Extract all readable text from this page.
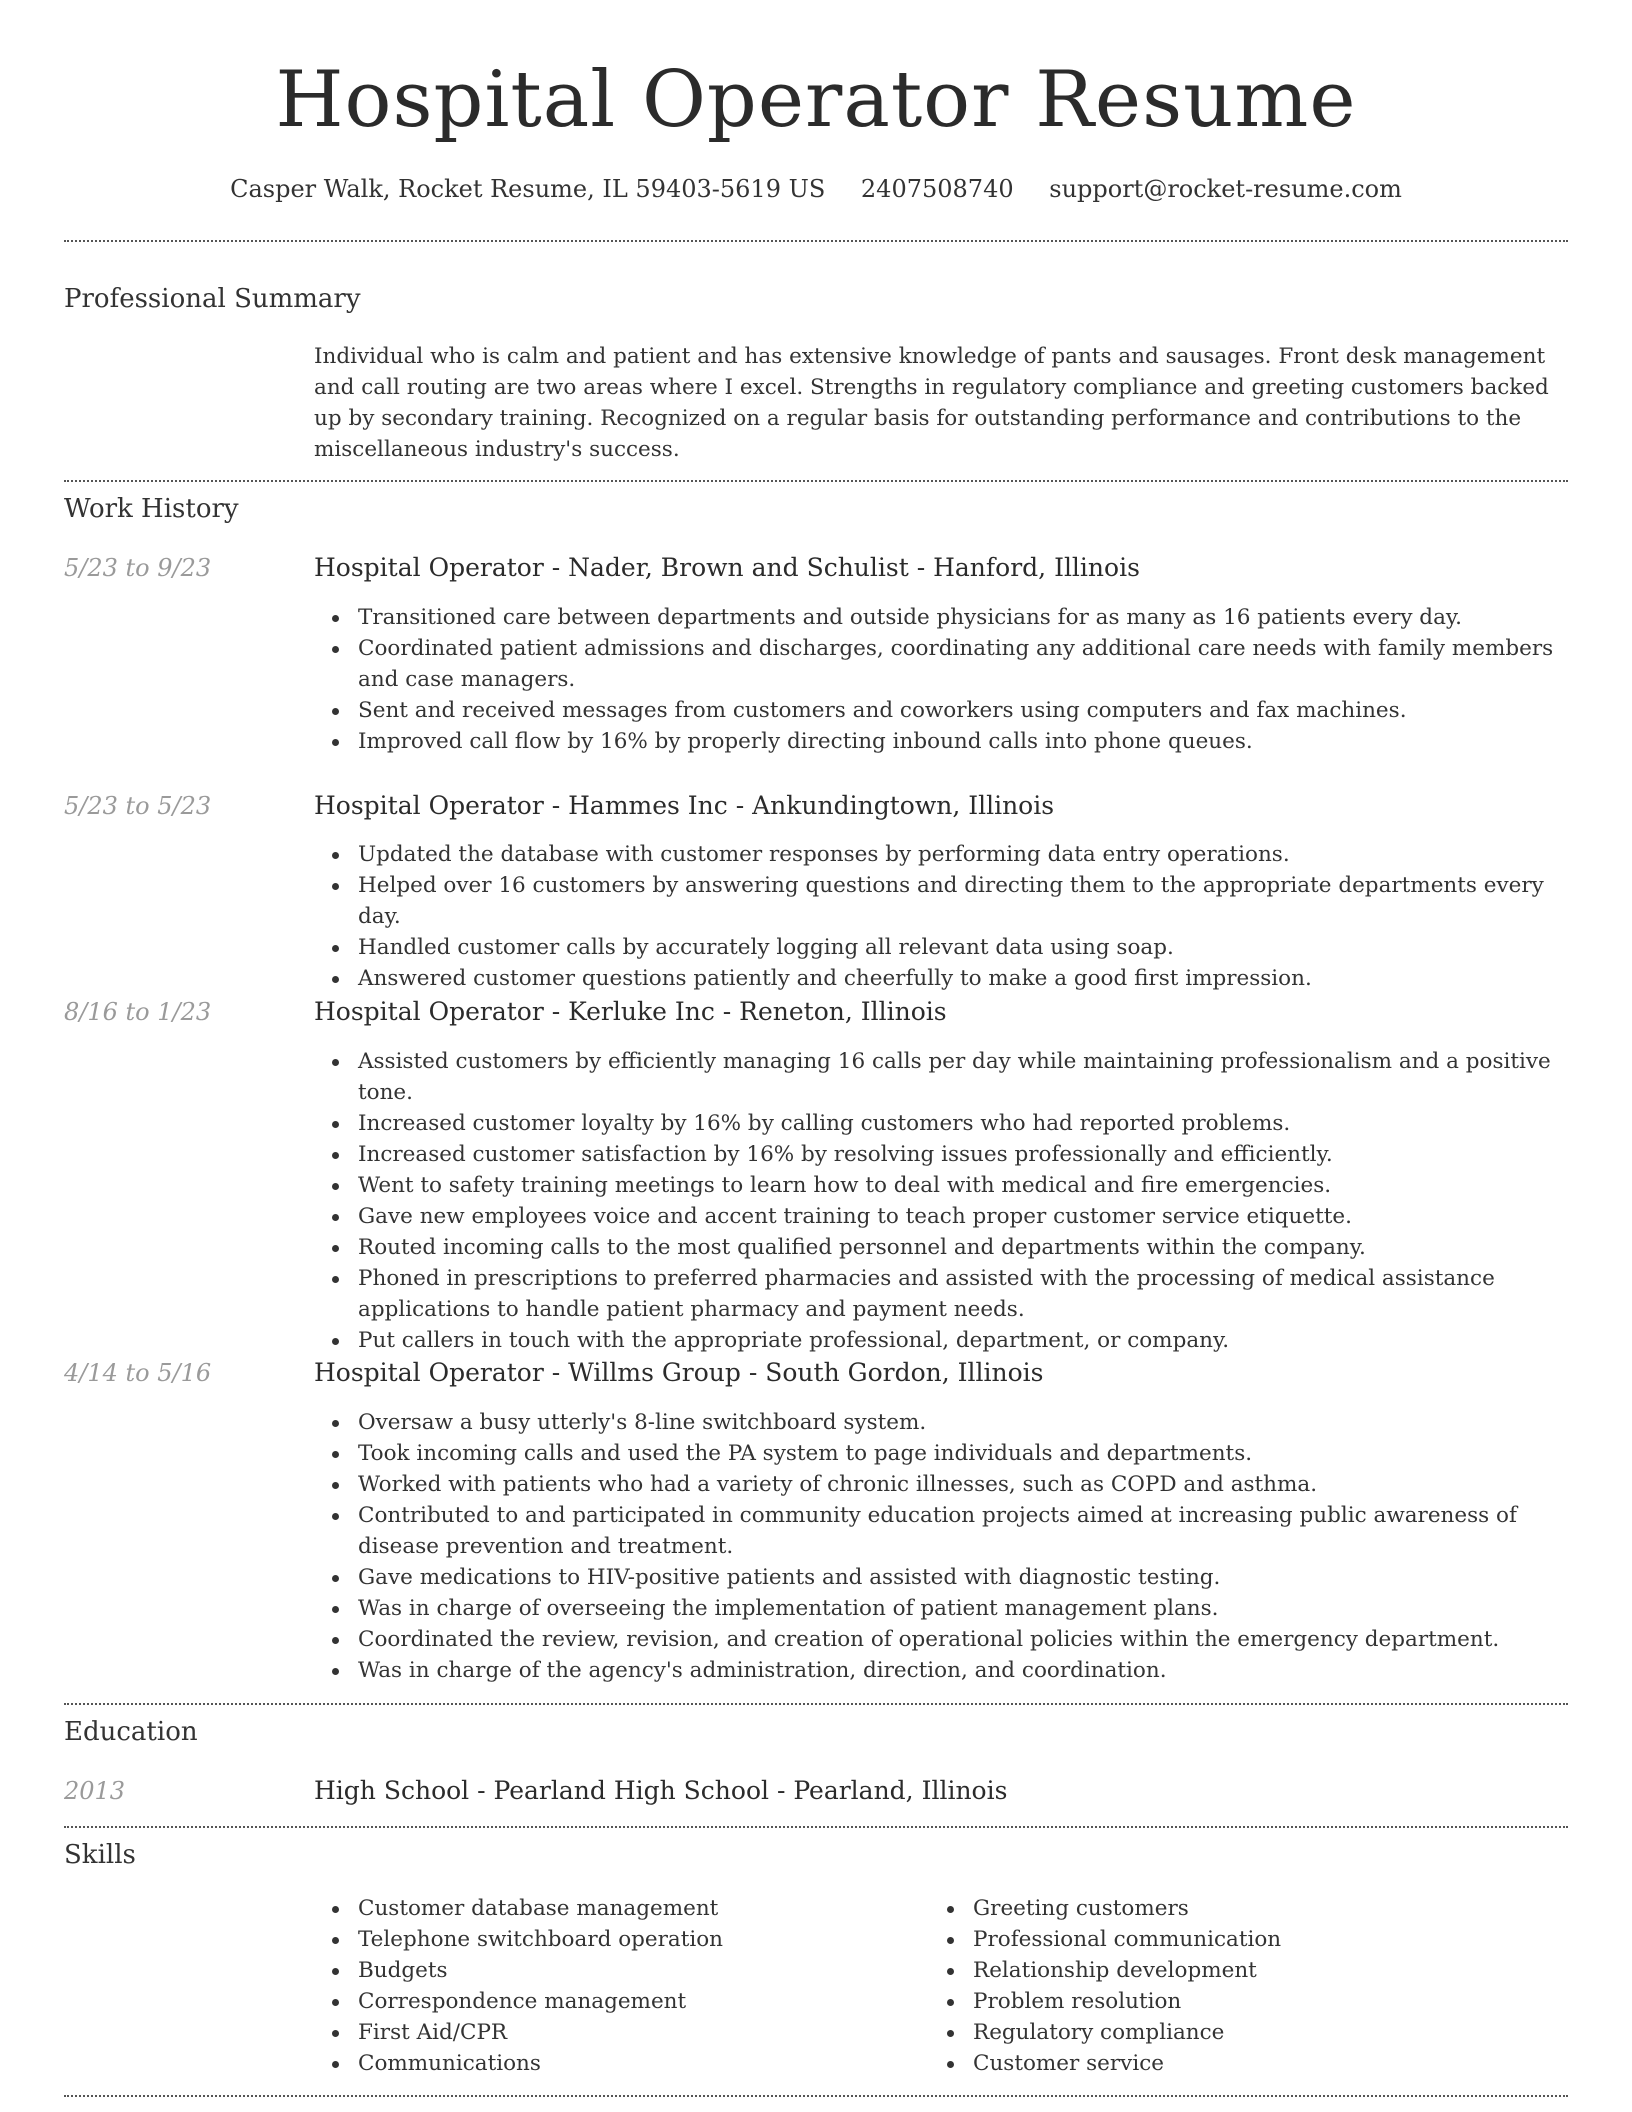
Hospital Operator Resume
Casper Walk, Rocket Resume, IL 59403-5619 US 2407508740 support@rocket-resume.com
Professional Summary
Individual who is calm and patient and has extensive knowledge of pants and sausages. Front desk management and call routing are two areas where I excel. Strengths in regulatory compliance and greeting customers backed up by secondary training. Recognized on a regular basis for outstanding performance and contributions to the miscellaneous industry's success.
Work History
5/23 to 9/23	Hospital Operator - Nader, Brown and Schulist - Hanford, Illinois
Transitioned care between departments and outside physicians for as many as 16 patients every day.
Coordinated patient admissions and discharges, coordinating any additional care needs with family members and case managers.
Sent and received messages from customers and coworkers using computers and fax machines.
Improved call flow by 16% by properly directing inbound calls into phone queues.
5/23 to 5/23	Hospital Operator - Hammes Inc - Ankundingtown, Illinois
Updated the database with customer responses by performing data entry operations.
Helped over 16 customers by answering questions and directing them to the appropriate departments every day.
Handled customer calls by accurately logging all relevant data using soap.
Answered customer questions patiently and cheerfully to make a good first impression.
8/16 to 1/23	Hospital Operator - Kerluke Inc - Reneton, Illinois
Assisted customers by efficiently managing 16 calls per day while maintaining professionalism and a positive tone.
Increased customer loyalty by 16% by calling customers who had reported problems.
Increased customer satisfaction by 16% by resolving issues professionally and efficiently.
Went to safety training meetings to learn how to deal with medical and fire emergencies.
Gave new employees voice and accent training to teach proper customer service etiquette.
Routed incoming calls to the most qualified personnel and departments within the company.
Phoned in prescriptions to preferred pharmacies and assisted with the processing of medical assistance applications to handle patient pharmacy and payment needs.
Put callers in touch with the appropriate professional, department, or company.
4/14 to 5/16	Hospital Operator - Willms Group - South Gordon, Illinois
Oversaw a busy utterly's 8-line switchboard system.
Took incoming calls and used the PA system to page individuals and departments.
Worked with patients who had a variety of chronic illnesses, such as COPD and asthma.
Contributed to and participated in community education projects aimed at increasing public awareness of disease prevention and treatment.
Gave medications to HIV-positive patients and assisted with diagnostic testing.
Was in charge of overseeing the implementation of patient management plans.
Coordinated the review, revision, and creation of operational policies within the emergency department.
Was in charge of the agency's administration, direction, and coordination.
Education
2013	High School - Pearland High School - Pearland, Illinois
Skills
Customer database management
Telephone switchboard operation
Budgets
Correspondence management
First Aid/CPR
Communications
Greeting customers
Professional communication
Relationship development
Problem resolution
Regulatory compliance
Customer service
